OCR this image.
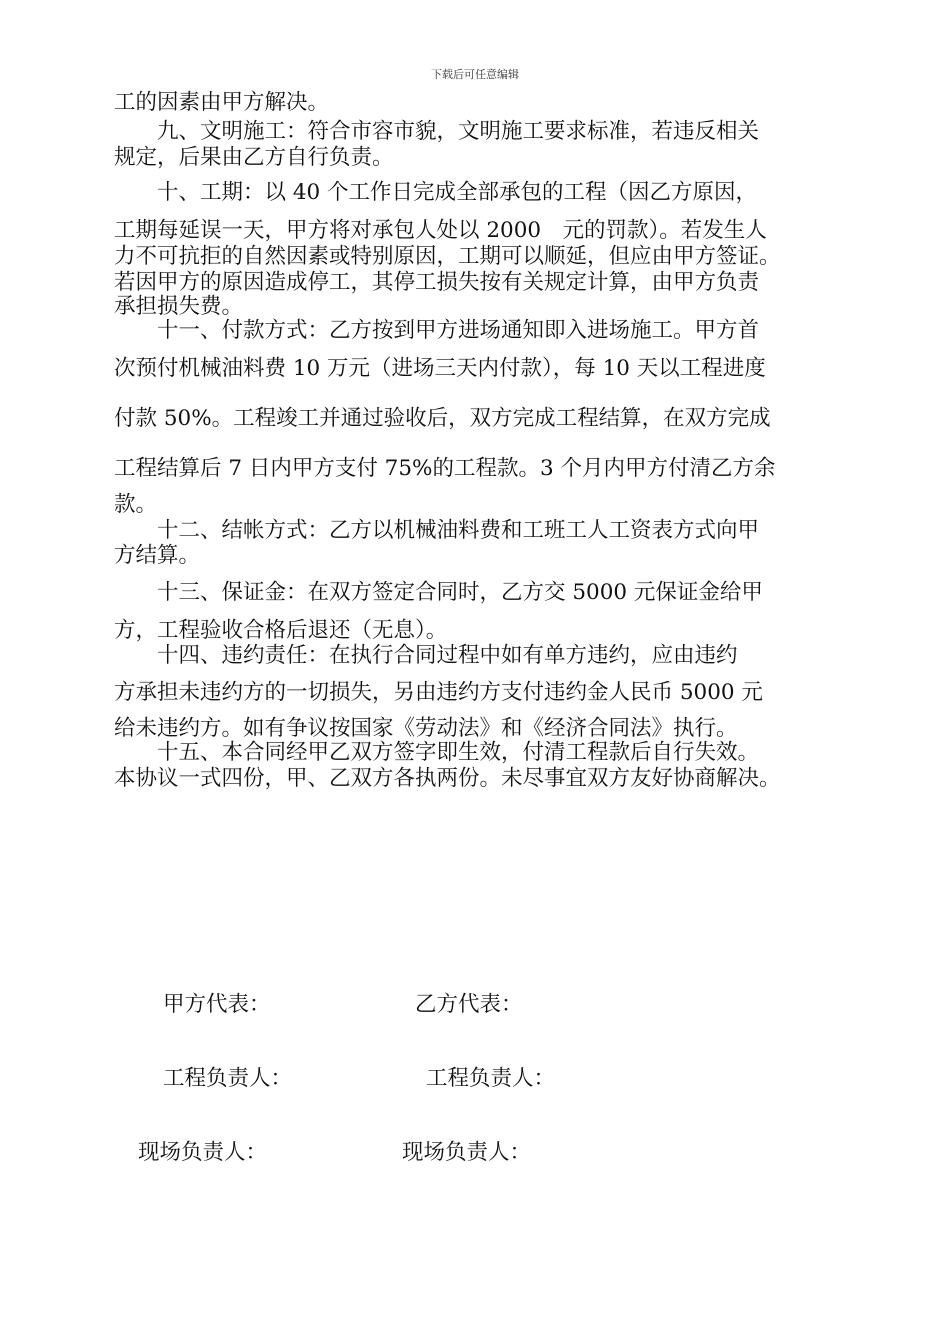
下载后可任意编辑
工的因素由甲方解决。
　　九、文明施工：符合市容市貌，文明施工要求标准，若违反相关
规定，后果由乙方自行负责。
　　十、工期：以 40 个工作日完成全部承包的工程（因乙方原因，
工期每延误一天，甲方将对承包人处以 2000　元的罚款）。若发生人
力不可抗拒的自然因素或特别原因，工期可以顺延，但应由甲方签证。
若因甲方的原因造成停工，其停工损失按有关规定计算，由甲方负责
承担损失费。
　　十一、付款方式：乙方按到甲方进场通知即入进场施工。甲方首
次预付机械油料费 10 万元（进场三天内付款），每 10 天以工程进度
付款 50%。工程竣工并通过验收后，双方完成工程结算，在双方完成
工程结算后 7 日内甲方支付 75%的工程款。3 个月内甲方付清乙方余
款。
　　十二、结帐方式：乙方以机械油料费和工班工人工资表方式向甲
方结算。
　　十三、保证金：在双方签定合同时，乙方交 5000 元保证金给甲
方，工程验收合格后退还（无息）。
　　十四、违约责任：在执行合同过程中如有单方违约，应由违约
方承担未违约方的一切损失，另由违约方支付违约金人民币 5000 元
给未违约方。如有争议按国家《劳动法》和《经济合同法》执行。
　　十五、本合同经甲乙双方签字即生效，付清工程款后自行失效。
本协议一式四份，甲、乙双方各执两份。未尽事宜双方友好协商解决。
甲方代表：	乙方代表：
工程负责人：	工程负责人：
现场负责人：	现场负责人：
